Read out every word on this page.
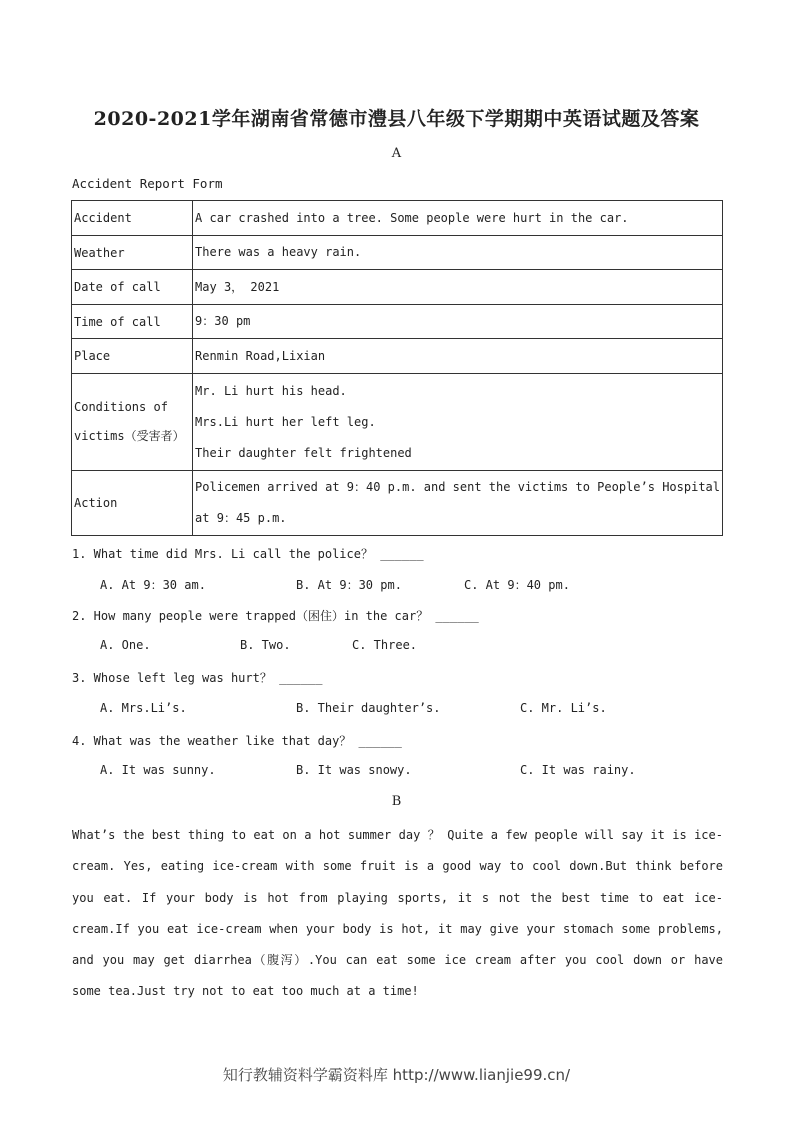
2020-2021学年湖南省常德市澧县八年级下学期期中英语试题及答案
A
Accident Report Form
Accident	A car crashed into a tree. Some people were hurt in the car.

Weather	There was a heavy rain.

Date of call	May 3， 2021

Time of call	9：30 pm

Place	Renmin Road,Lixian

Conditions of victims（受害者）	Mr. Li hurt his head.
Mrs.Li hurt her left leg.
Their daughter felt frightened

Action	Policemen arrived at 9：40 p.m. and sent the victims to People’s Hospital
at 9：45 p.m.
1. What time did Mrs. Li call the police？ ______
A. At 9：30 am.	B. At 9：30 pm.	C. At 9：40 pm.
2. How many people were trapped（困住）in the car？ ______
A. One.	B. Two.	C. Three.
3. Whose left leg was hurt？ ______
A. Mrs.Li’s.	B. Their daughter’s.	C. Mr. Li’s.
4. What was the weather like that day？ ______
A. It was sunny.	B. It was snowy.	C. It was rainy.
B
What’s the best thing to eat on a hot summer day ？ Quite a few people will say it is ice-cream. Yes, eating ice-cream with some fruit is a good way to cool down.But think before you eat. If your body is hot from playing sports, it s not the best time to eat ice-cream.If you eat ice-cream when your body is hot, it may give your stomach some problems, and you may get diarrhea（腹泻）.You can eat some ice cream after you cool down or have some tea.Just try not to eat too much at a time!
知行教辅资料学霸资料库 http://www.lianjie99.cn/
